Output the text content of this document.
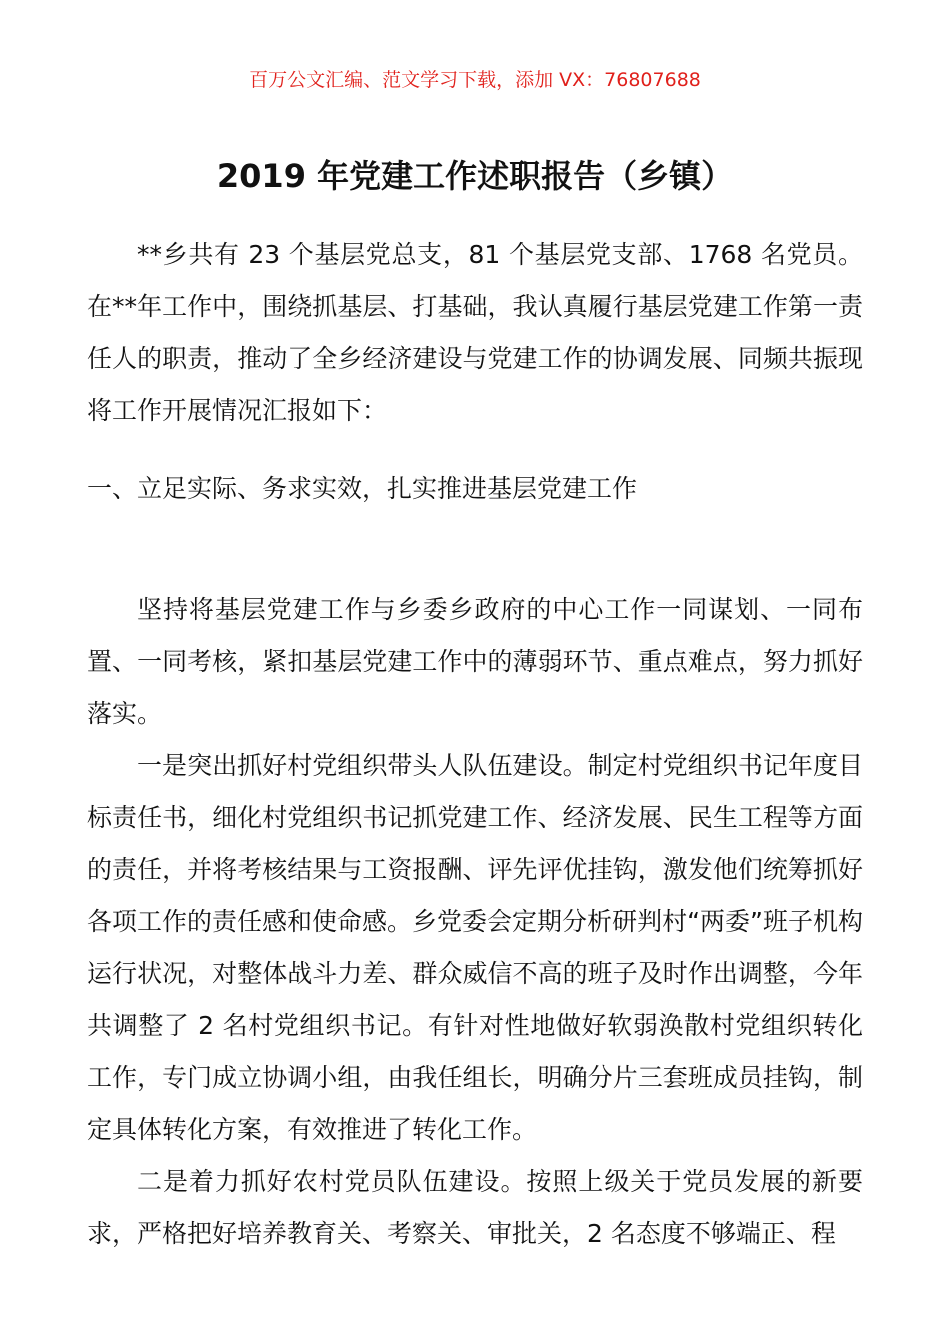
百万公文汇编、范文学习下载，添加 VX：76807688
2019 年党建工作述职报告（乡镇）

**乡共有 23 个基层党总支，81 个基层党支部、1768 名党员。在**年工作中，围绕抓基层、打基础，我认真履行基层党建工作第一责任人的职责，推动了全乡经济建设与党建工作的协调发展、同频共振现将工作开展情况汇报如下：

一、立足实际、务求实效，扎实推进基层党建工作

坚持将基层党建工作与乡委乡政府的中心工作一同谋划、一同布置、一同考核，紧扣基层党建工作中的薄弱环节、重点难点，努力抓好落实。

一是突出抓好村党组织带头人队伍建设。制定村党组织书记年度目标责任书，细化村党组织书记抓党建工作、经济发展、民生工程等方面的责任，并将考核结果与工资报酬、评先评优挂钩，激发他们统筹抓好各项工作的责任感和使命感。乡党委会定期分析研判村“两委”班子机构运行状况，对整体战斗力差、群众威信不高的班子及时作出调整，今年共调整了 2 名村党组织书记。有针对性地做好软弱涣散村党组织转化工作，专门成立协调小组，由我任组长，明确分片三套班成员挂钩，制定具体转化方案，有效推进了转化工作。

二是着力抓好农村党员队伍建设。按照上级关于党员发展的新要求，严格把好培养教育关、考察关、审批关，2 名态度不够端正、程
